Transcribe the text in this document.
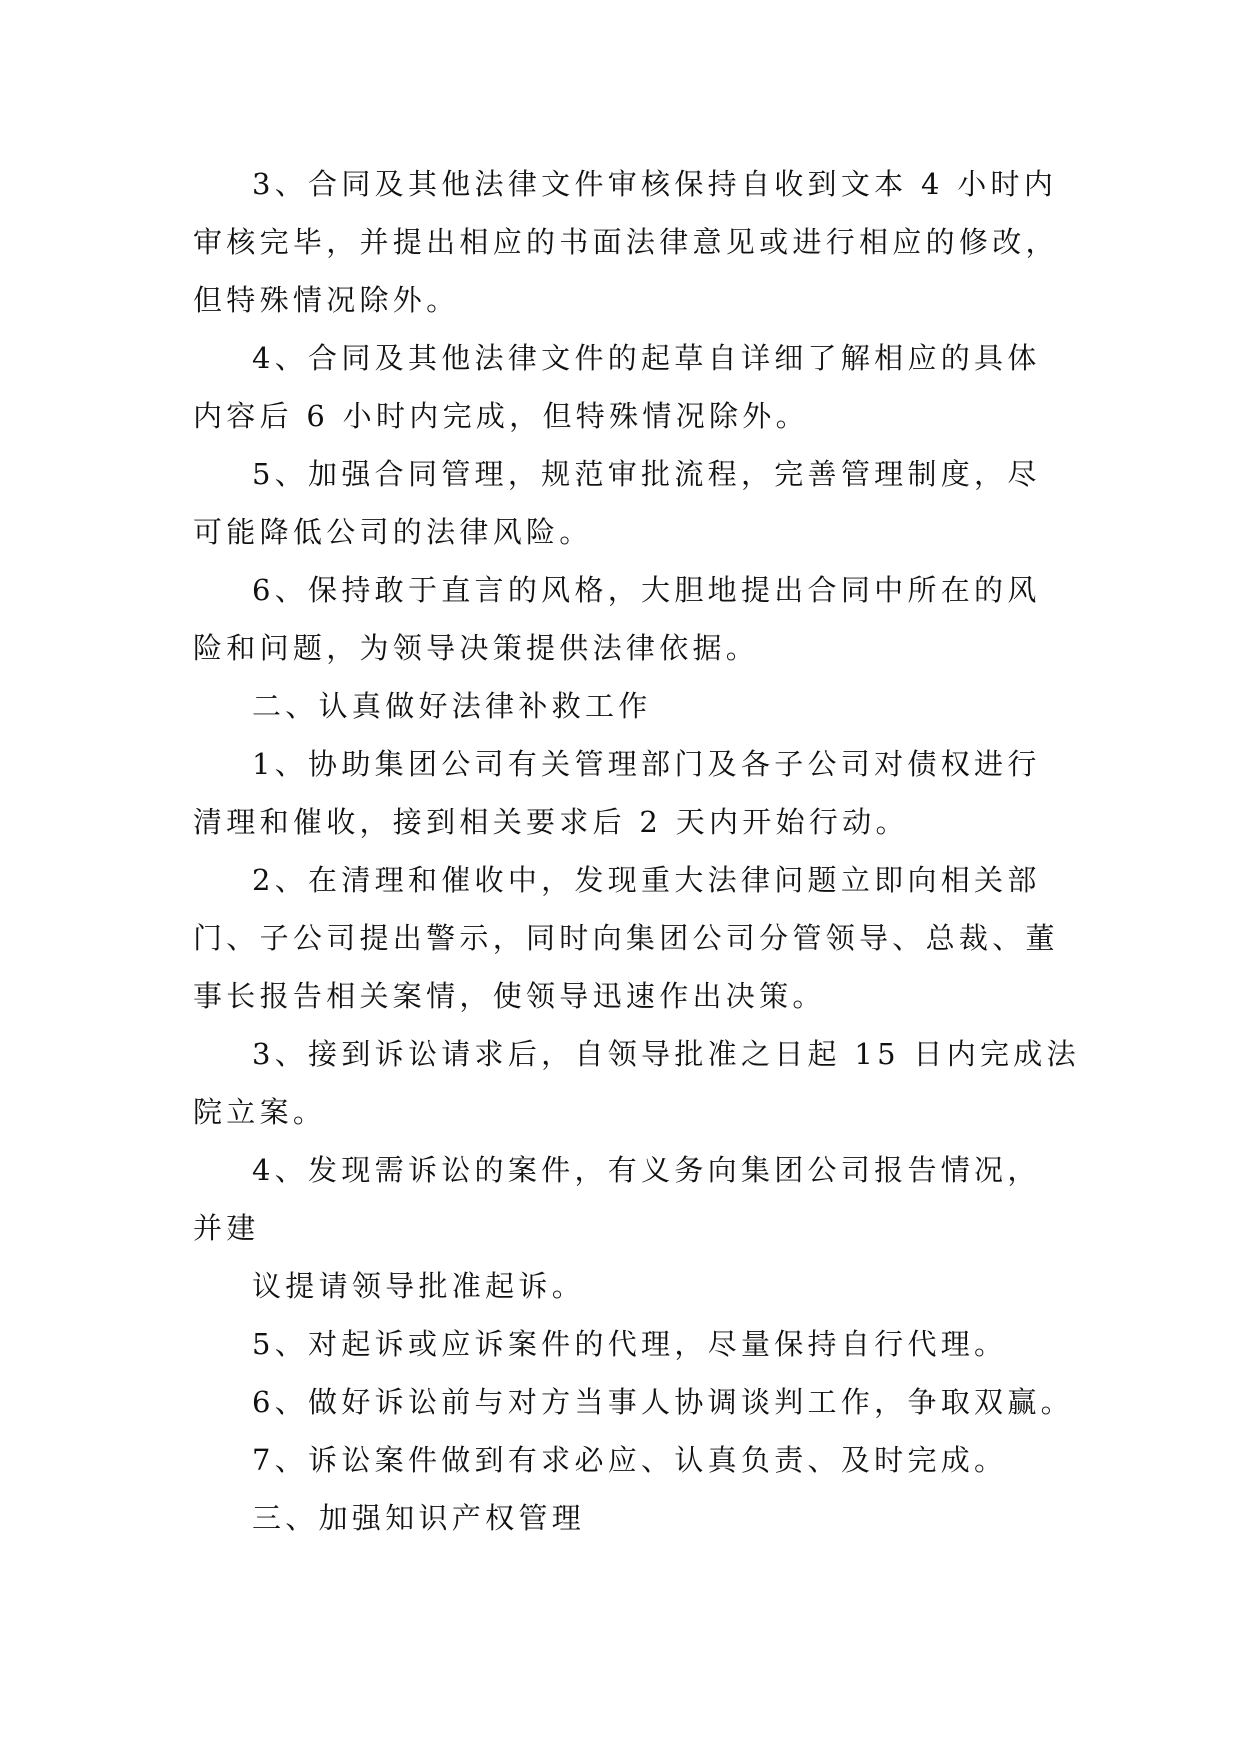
3、合同及其他法律文件审核保持自收到文本 4 小时内
审核完毕，并提出相应的书面法律意见或进行相应的修改，
但特殊情况除外。
4、合同及其他法律文件的起草自详细了解相应的具体
内容后 6 小时内完成，但特殊情况除外。
5、加强合同管理，规范审批流程，完善管理制度，尽
可能降低公司的法律风险。
6、保持敢于直言的风格，大胆地提出合同中所在的风
险和问题，为领导决策提供法律依据。
二、认真做好法律补救工作
1、协助集团公司有关管理部门及各子公司对债权进行
清理和催收，接到相关要求后 2 天内开始行动。
2、在清理和催收中，发现重大法律问题立即向相关部
门、子公司提出警示，同时向集团公司分管领导、总裁、董
事长报告相关案情，使领导迅速作出决策。
3、接到诉讼请求后，自领导批准之日起 15 日内完成法
院立案。
4、发现需诉讼的案件，有义务向集团公司报告情况，
并建
议提请领导批准起诉。
5、对起诉或应诉案件的代理，尽量保持自行代理。
6、做好诉讼前与对方当事人协调谈判工作，争取双赢。
7、诉讼案件做到有求必应、认真负责、及时完成。
三、加强知识产权管理
